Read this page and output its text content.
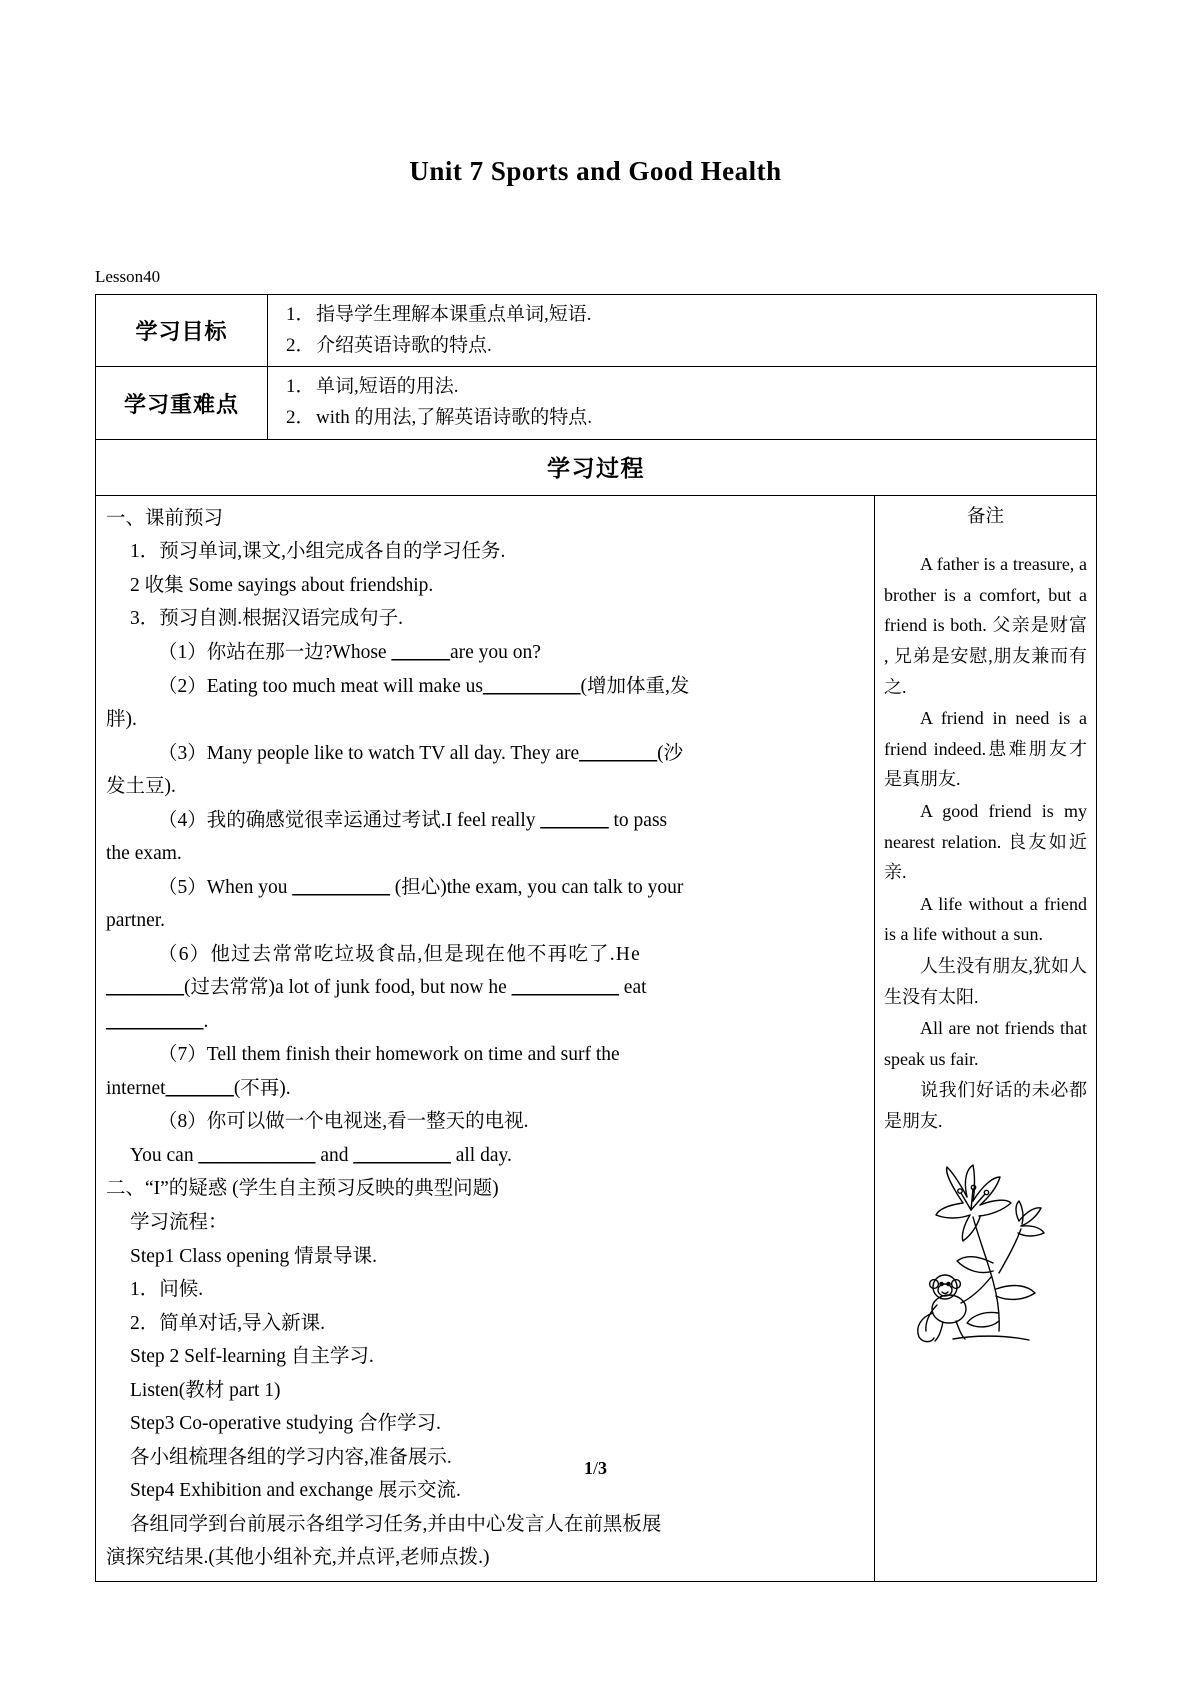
Unit 7 Sports and Good Health
Lesson40
学习目标	1．指导学生理解本课重点单词,短语.
2．介绍英语诗歌的特点.	

学习重难点	1．单词,短语的用法.
2．with 的用法,了解英语诗歌的特点.	

学习过程		

一、课前预习
1．预习单词,课文,小组完成各自的学习任务.
2 收集 Some sayings about friendship.
3．预习自测.根据汉语完成句子.
（1）你站在那一边?Whose ______are you on?
（2）Eating too much meat will make us__________(增加体重,发
胖).
（3）Many people like to watch TV all day. They are________(沙
发土豆).
（4）我的确感觉很幸运通过考试.I feel really _______ to pass
the exam.
（5）When you __________ (担心)the exam, you can talk to your
partner.
（6）他过去常常吃垃圾食品,但是现在他不再吃了.He
________(过去常常)a lot of junk food, but now he ___________ eat
__________.
（7）Tell them finish their homework on time and surf the
internet_______(不再).
（8）你可以做一个电视迷,看一整天的电视.
You can ____________ and __________ all day.
二、“I”的疑惑 (学生自主预习反映的典型问题)
学习流程：
Step1 Class opening 情景导课.
1．问候.
2．简单对话,导入新课.
Step 2 Self-learning 自主学习.
Listen(教材 part 1)
Step3 Co-operative studying 合作学习.
各小组梳理各组的学习内容,准备展示.
Step4 Exhibition and exchange 展示交流.
各组同学到台前展示各组学习任务,并由中心发言人在前黑板展
演探究结果.(其他小组补充,并点评,老师点拨.)

备注
A father is a treasure, a brother is a comfort, but a friend is both. 父亲是财富 , 兄弟是安慰,朋友兼而有之.
A friend in need is a friend indeed.患难朋友才是真朋友.
A good friend is my nearest relation. 良友如近亲.
A life without a friend is a life without a sun.
人生没有朋友,犹如人生没有太阳.
All are not friends that speak us fair.
说我们好话的未必都是朋友.
1/3
